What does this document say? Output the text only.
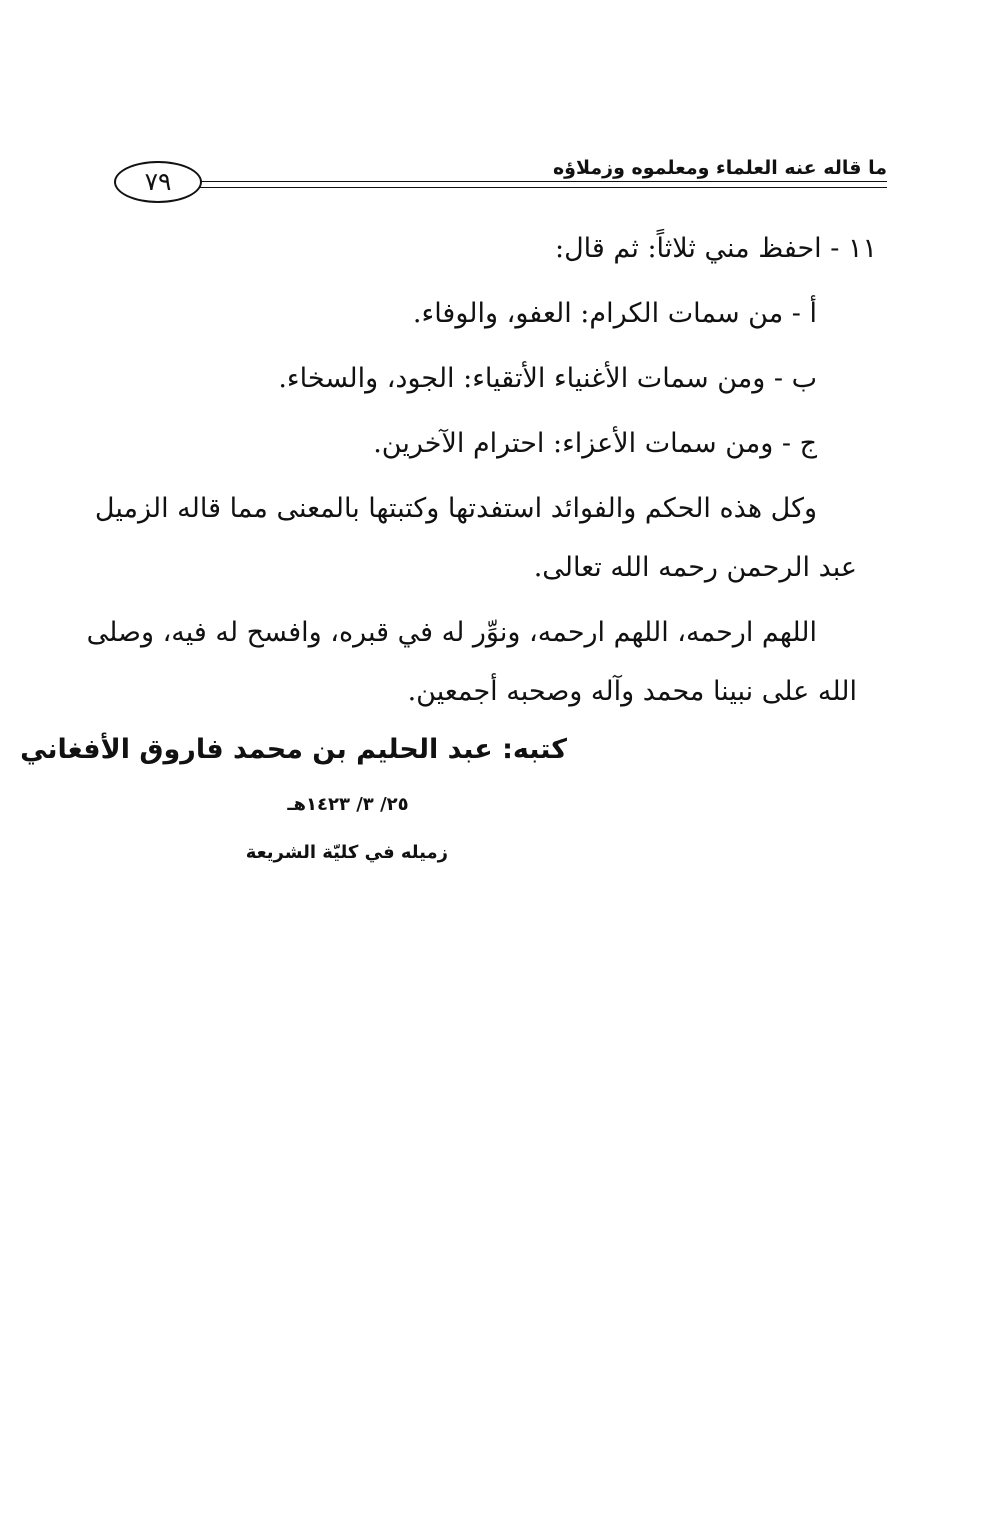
ما قاله عنه العلماء ومعلموه وزملاؤه
٧٩
١١ - احفظ مني ثلاثاً: ثم قال:
أ - من سمات الكرام: العفو، والوفاء.
ب - ومن سمات الأغنياء الأتقياء: الجود، والسخاء.
ج - ومن سمات الأعزاء: احترام الآخرين.
وكل هذه الحكم والفوائد استفدتها وكتبتها بالمعنى مما قاله الزميل
عبد الرحمن رحمه الله تعالى.
اللهم ارحمه، اللهم ارحمه، ونوِّر له في قبره، وافسح له فيه، وصلى
الله على نبينا محمد وآله وصحبه أجمعين.
كتبه: عبد الحليم بن محمد فاروق الأفغاني
٢٥/ ٣/ ١٤٢٣هـ
زميله في كليّة الشريعة
